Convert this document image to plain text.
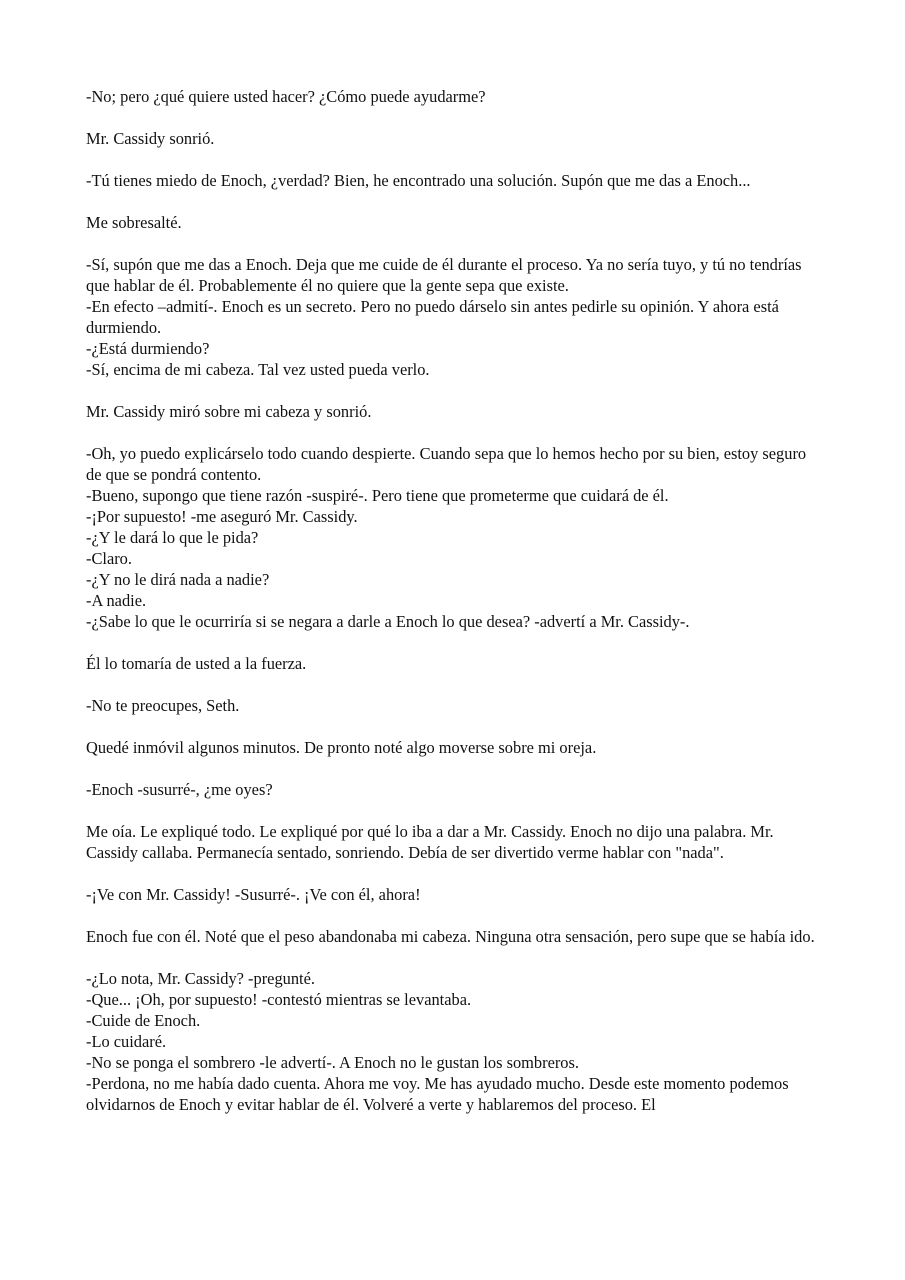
-No; pero ¿qué quiere usted hacer? ¿Cómo puede ayudarme?

Mr. Cassidy sonrió.

-Tú tienes miedo de Enoch, ¿verdad? Bien, he encontrado una solución. Supón que me das a Enoch...

Me sobresalté.

-Sí, supón que me das a Enoch. Deja que me cuide de él durante el proceso. Ya no sería tuyo, y tú no tendrías que hablar de él. Probablemente él no quiere que la gente sepa que existe.

-En efecto –admití-. Enoch es un secreto. Pero no puedo dárselo sin antes pedirle su opinión. Y ahora está durmiendo.

-¿Está durmiendo?

-Sí, encima de mi cabeza. Tal vez usted pueda verlo.

Mr. Cassidy miró sobre mi cabeza y sonrió.

-Oh, yo puedo explicárselo todo cuando despierte. Cuando sepa que lo hemos hecho por su bien, estoy seguro de que se pondrá contento.

-Bueno, supongo que tiene razón -suspiré-. Pero tiene que prometerme que cuidará de él.

-¡Por supuesto! -me aseguró Mr. Cassidy.

-¿Y le dará lo que le pida?

-Claro.

-¿Y no le dirá nada a nadie?

-A nadie.

-¿Sabe lo que le ocurriría si se negara a darle a Enoch lo que desea? -advertí a Mr. Cassidy-.

Él lo tomaría de usted a la fuerza.

-No te preocupes, Seth.

Quedé inmóvil algunos minutos. De pronto noté algo moverse sobre mi oreja.

-Enoch -susurré-, ¿me oyes?

Me oía. Le expliqué todo. Le expliqué por qué lo iba a dar a Mr. Cassidy. Enoch no dijo una palabra. Mr. Cassidy callaba. Permanecía sentado, sonriendo. Debía de ser divertido verme hablar con "nada".

-¡Ve con Mr. Cassidy! -Susurré-. ¡Ve con él, ahora!

Enoch fue con él. Noté que el peso abandonaba mi cabeza. Ninguna otra sensación, pero supe que se había ido.

-¿Lo nota, Mr. Cassidy? -pregunté.

-Que... ¡Oh, por supuesto! -contestó mientras se levantaba.

-Cuide de Enoch.

-Lo cuidaré.

-No se ponga el sombrero -le advertí-. A Enoch no le gustan los sombreros.

-Perdona, no me había dado cuenta. Ahora me voy. Me has ayudado mucho. Desde este momento podemos olvidarnos de Enoch y evitar hablar de él. Volveré a verte y hablaremos del proceso. El
